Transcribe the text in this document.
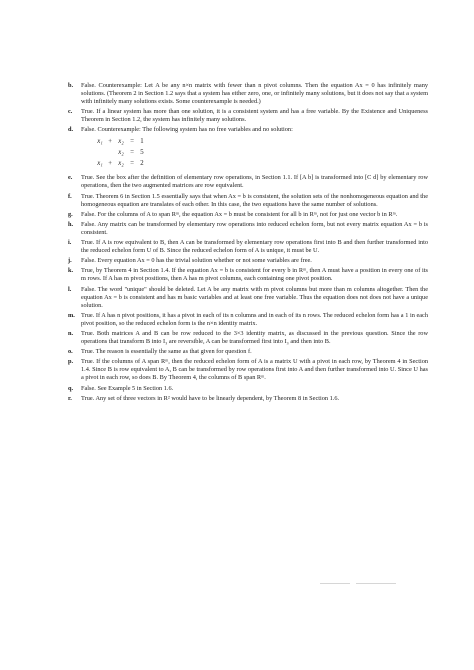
b.	False. Counterexample: Let A be any n×n matrix with fewer than n pivot columns. Then the equation Ax = 0 has infinitely many solutions. (Theorem 2 in Section 1.2 says that a system has either zero, one, or infinitely many solutions, but it does not say that a system with infinitely many solutions exists. Some counterexample is needed.)
c.	True. If a linear system has more than one solution, it is a consistent system and has a free variable. By the Existence and Uniqueness Theorem in Section 1.2, the system has infinitely many solutions.
d.	False. Counterexample: The following system has no free variables and no solution:
x₁ + x₂ = 1
x₂ = 5
x₁ + x₂ = 2
e.	True. See the box after the definition of elementary row operations, in Section 1.1. If [A b] is transformed into [C d] by elementary row operations, then the two augmented matrices are row equivalent.
f.	True. Theorem 6 in Section 1.5 essentially says that when Ax = b is consistent, the solution sets of the nonhomogeneous equation and the homogeneous equation are translates of each other. In this case, the two equations have the same number of solutions.
g.	False. For the columns of A to span Rᵐ, the equation Ax = b must be consistent for all b in Rᵐ, not for just one vector b in Rᵐ.
h.	False. Any matrix can be transformed by elementary row operations into reduced echelon form, but not every matrix equation Ax = b is consistent.
i.	True. If A is row equivalent to B, then A can be transformed by elementary row operations first into B and then further transformed into the reduced echelon form U of B. Since the reduced echelon form of A is unique, it must be U.
j.	False. Every equation Ax = 0 has the trivial solution whether or not some variables are free.
k.	True, by Theorem 4 in Section 1.4. If the equation Ax = b is consistent for every b in Rᵐ, then A must have a position in every one of its m rows. If A has m pivot positions, then A has m pivot columns, each containing one pivot position.
l.	False. The word "unique" should be deleted. Let A be any matrix with m pivot columns but more than m columns altogether. Then the equation Ax = b is consistent and has m basic variables and at least one free variable. Thus the equation does not does not have a unique solution.
m. True. If A has n pivot positions, it has a pivot in each of its n columns and in each of its n rows. The reduced echelon form has a 1 in each pivot position, so the reduced echelon form is the n×n identity matrix.
n.	True. Both matrices A and B can be row reduced to the 3×3 identity matrix, as discussed in the previous question. Since the row operations that transform B into I₃ are reversible, A can be transformed first into I₃ and then into B.
o.	True. The reason is essentially the same as that given for question f.
p.	True. If the columns of A span Rᵐ, then the reduced echelon form of A is a matrix U with a pivot in each row, by Theorem 4 in Section 1.4. Since B is row equivalent to A, B can be transformed by row operations first into A and then further transformed into U. Since U has a pivot in each row, so does B. By Theorem 4, the columns of B span Rᵐ.
q.	False. See Example 5 in Section 1.6.
r.	True. Any set of three vectors in R² would have to be linearly dependent, by Theorem 8 in Section 1.6.
